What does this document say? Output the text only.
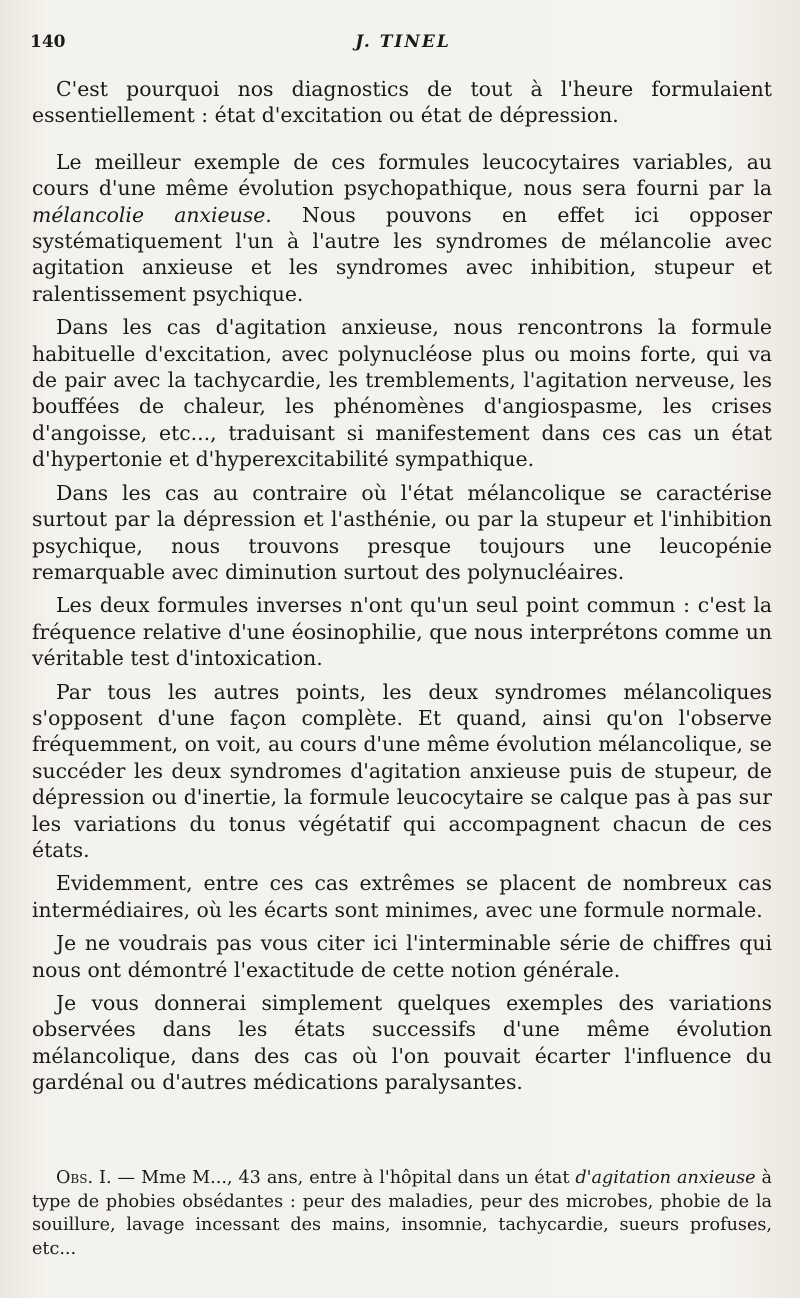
140	J. TINEL

C'est pourquoi nos diagnostics de tout à l'heure formulaient essentiellement : état d'excitation ou état de dépression.

Le meilleur exemple de ces formules leucocytaires variables, au cours d'une même évolution psychopathique, nous sera fourni par la mélancolie anxieuse. Nous pouvons en effet ici opposer systématiquement l'un à l'autre les syndromes de mélancolie avec agitation anxieuse et les syndromes avec inhibition, stupeur et ralentissement psychique.

Dans les cas d'agitation anxieuse, nous rencontrons la formule habituelle d'excitation, avec polynucléose plus ou moins forte, qui va de pair avec la tachycardie, les tremblements, l'agitation nerveuse, les bouffées de chaleur, les phénomènes d'angiospasme, les crises d'angoisse, etc..., traduisant si manifestement dans ces cas un état d'hypertonie et d'hyperexcitabilité sympathique.

Dans les cas au contraire où l'état mélancolique se caractérise surtout par la dépression et l'asthénie, ou par la stupeur et l'inhibition psychique, nous trouvons presque toujours une leucopénie remarquable avec diminution surtout des polynucléaires.

Les deux formules inverses n'ont qu'un seul point commun : c'est la fréquence relative d'une éosinophilie, que nous interprétons comme un véritable test d'intoxication.

Par tous les autres points, les deux syndromes mélancoliques s'opposent d'une façon complète. Et quand, ainsi qu'on l'observe fréquemment, on voit, au cours d'une même évolution mélancolique, se succéder les deux syndromes d'agitation anxieuse puis de stupeur, de dépression ou d'inertie, la formule leucocytaire se calque pas à pas sur les variations du tonus végétatif qui accompagnent chacun de ces états.

Evidemment, entre ces cas extrêmes se placent de nombreux cas intermédiaires, où les écarts sont minimes, avec une formule normale.

Je ne voudrais pas vous citer ici l'interminable série de chiffres qui nous ont démontré l'exactitude de cette notion générale.

Je vous donnerai simplement quelques exemples des variations observées dans les états successifs d'une même évolution mélancolique, dans des cas où l'on pouvait écarter l'influence du gardénal ou d'autres médications paralysantes.

Obs. I. — Mme M..., 43 ans, entre à l'hôpital dans un état d'agitation anxieuse à type de phobies obsédantes : peur des maladies, peur des microbes, phobie de la souillure, lavage incessant des mains, insomnie, tachycardie, sueurs profuses, etc...
